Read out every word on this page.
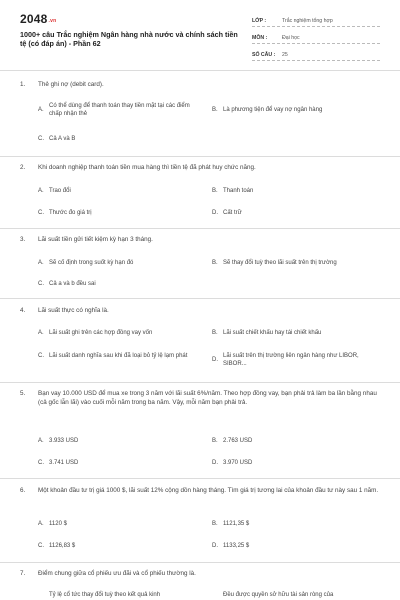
2048.vn
1000+ câu Trắc nghiệm Ngân hàng nhà nước và chính sách tiền tệ (có đáp án) - Phần 62
LỚP :	Trắc nghiệm tổng hợp
MÔN :	Đại học
SỐ CÂU :	25
1.	Thẻ ghi nợ (debit card).
A.
Có thể dùng để thanh toán thay tiền mặt tại các điểm chấp nhận thẻ
B. Là phương tiện để vay nợ ngân hàng
C. Cả A và B
2.	Khi doanh nghiệp thanh toán tiền mua hàng thì tiền tệ đã phát huy chức năng.
A. Trao đổi	B. Thanh toán
C. Thước đo giá trị	D. Cất trữ
3.	Lãi suất tiền gửi tiết kiệm kỳ hạn 3 tháng.
A. Sẽ cố định trong suốt kỳ hạn đó	B. Sẽ thay đổi tuỳ theo lãi suất trên thị trường
C. Cả a và b đều sai
4.	Lãi suất thực có nghĩa là.
A. Lãi suất ghi trên các hợp đồng vay vốn	B. Lãi suất chiết khấu hay tái chiết khấu
C. Lãi suất danh nghĩa sau khi đã loại bỏ tỷ lệ lạm phát
D.
Lãi suất trên thị trường liên ngân hàng như LIBOR, SIBOR...
5.	Bạn vay 10.000 USD để mua xe trong 3 năm với lãi suất 6%/năm. Theo hợp đồng vay, bạn phải trả làm ba lần bằng nhau (cả gốc lẫn lãi) vào cuối mỗi năm trong ba năm. Vậy, mỗi năm bạn phải trả.
A. 3.933 USD	B. 2.763 USD
C. 3.741 USD	D. 3.970 USD
6.	Một khoản đầu tư trị giá 1000 $, lãi suất 12% cộng dồn hàng tháng. Tìm giá trị tương lai của khoản đầu tư này sau 1 năm.
A. 1120 $	B. 1121,35 $
C. 1126,83 $	D. 1133,25 $
7.	Điểm chung giữa cổ phiếu ưu đãi và cổ phiếu thường là.
Tỷ lệ cổ tức thay đổi tuỳ theo kết quả kinh	Đều được quyền sở hữu tài sản ròng của
